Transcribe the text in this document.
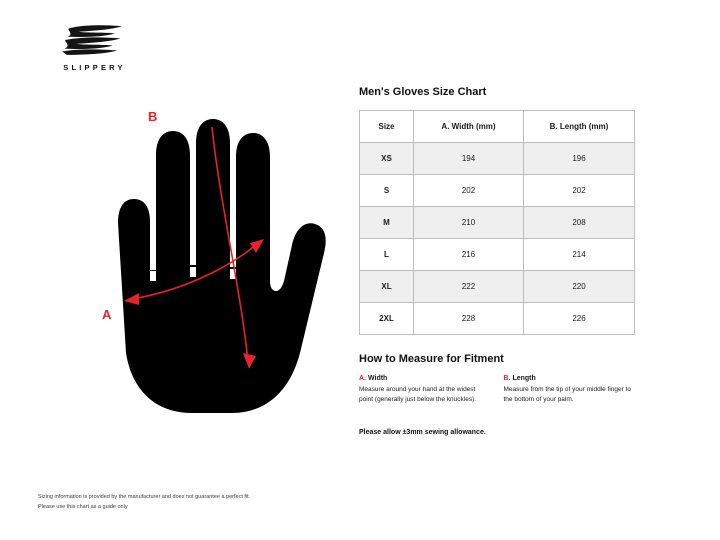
SLIPPERY
B
A
Men's Gloves Size Chart
Size	A. Width (mm)	B. Length (mm)
XS	194	196
S	202	202
M	210	208
L	216	214
XL	222	220
2XL	228	226
How to Measure for Fitment
A. Width
Measure around your hand at the widest point (generally just below the knuckles).
B. Length
Measure from the tip of your middle finger to the bottom of your palm.
Please allow ±3mm sewing allowance.
Sizing information is provided by the manufacturer and does not guarantee a perfect fit.
Please use this chart as a guide only
